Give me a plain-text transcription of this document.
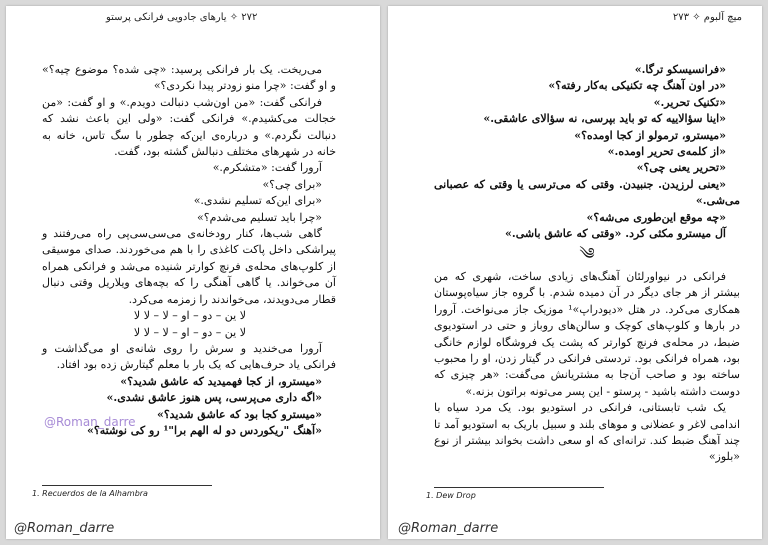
۲۷۲ ✧ یارهای جادویی فرانکی پرستو

می‌ریخت. یک بار فرانکی پرسید: «چی شده؟ موضوع چیه؟» و او گفت: «چرا منو زودتر پیدا نکردی؟»

فرانکی گفت: «من اون‌شب دنبالت دویدم.» و او گفت: «من خجالت می‌کشیدم.» فرانکی گفت: «ولی این باعث نشد که دنبالت نگردم.» و درباره‌ی این‌که چطور با سگ تاس، خانه به خانه در شهرهای مختلف دنبالش گشته بود، گفت.

آرورا گفت: «متشکرم.»

«برای چی؟»

«برای این‌که تسلیم نشدی.»

«چرا باید تسلیم می‌شدم؟»

گاهی شب‌ها، کنار رودخانه‌ی می‌سی‌سی‌پی راه می‌رفتند و پیراشکی داخل پاکت کاغذی را با هم می‌خوردند. صدای موسیقی از کلوپ‌های محله‌ی فرنچ کوارتر شنیده می‌شد و فرانکی همراه آن می‌خواند. یا گاهی آهنگی را که بچه‌های ویلاریل وقتی دنبال قطار می‌دویدند، می‌خواندند را زمزمه می‌کرد.

لا ین – دو – او – لا – لا لا

لا ین – دو – او – لا – لا لا

آرورا می‌خندید و سرش را روی شانه‌ی او می‌گذاشت و فرانکی یاد حرف‌هایی که یک بار با معلم گیتارش زده بود افتاد.

«میسترو، از کجا فهمیدید که عاشق شدید؟»

«اگه داری می‌پرسی، پس هنوز عاشق نشدی.»

«میسترو کجا بود که عاشق شدید؟»

«آهنگ "ریکوردس دو له الهم برا"¹ رو کی نوشته؟»

@Roman_darre
1. Recuerdos de la Alhambra
@Roman_darre
میچ آلبوم ✧ ۲۷۳

«فرانسیسکو ترگا.»

«در اون آهنگ چه تکنیکی به‌کار رفته؟»

«تکنیک تحریر.»

«اینا سؤالاییه که تو باید بپرسی، نه سؤالای عاشقی.»

«میسترو، ترمولو از کجا اومده؟»

«از کلمه‌ی تحریر اومده.»

«تحریر یعنی چی؟»

«یعنی لرزیدن. جنبیدن. وقتی که می‌ترسی یا وقتی که عصبانی می‌شی.»

«چه موقع این‌طوری می‌شه؟»

آل میسترو مکثی کرد. «وقتی که عاشق باشی.»

༄

فرانکی در نیواورلئان آهنگ‌های زیادی ساخت، شهری که من بیشتر از هر جای دیگر در آن دمیده شدم. با گروه جاز سیاه‌پوستان همکاری می‌کرد. در هتل «دیودراپ»¹ موزیک جاز می‌نواخت. آرورا در بارها و کلوپ‌های کوچک و سالن‌های روباز و حتی در استودیوی ضبط، در محله‌ی فرنچ کوارتر که پشت یک فروشگاه لوازم خانگی بود، همراه فرانکی بود. تردستی فرانکی در گیتار زدن، او را محبوب ساخته بود و صاحب آن‌جا به مشتریانش می‌گفت: «هر چیزی که دوست داشته باشید - پرستو - این پسر می‌تونه براتون بزنه.»

یک شب تابستانی، فرانکی در استودیو بود. یک مرد سیاه با اندامی لاغر و عضلانی و موهای بلند و سبیل باریک به استودیو آمد تا چند آهنگ ضبط کند. ترانه‌ای که او سعی داشت بخواند بیشتر از نوع «بلوز»

1. Dew Drop
@Roman_darre
